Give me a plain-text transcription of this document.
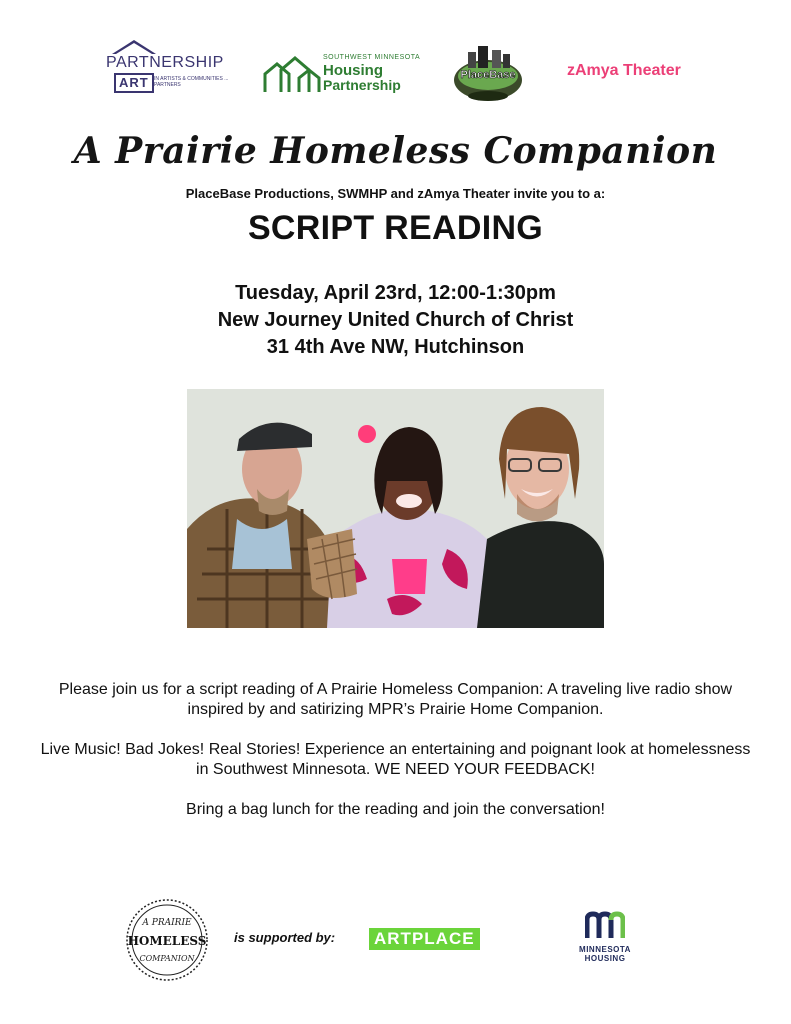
PARTNERSHIP
ART	IN ARTISTS & COMMUNITIES ... PARTNERS
SOUTHWEST MINNESOTA
Housing
Partnership
PlaceBase	zAmya Theater
A Prairie Homeless Companion
PlaceBase Productions, SWMHP and zAmya Theater invite you to a:
SCRIPT READING
Tuesday, April 23rd, 12:00-1:30pm
New Journey United Church of Christ
31 4th Ave NW, Hutchinson

Please join us for a script reading of A Prairie Homeless Companion: A traveling live radio show inspired by and satirizing MPR’s Prairie Home Companion.

Live Music! Bad Jokes! Real Stories! Experience an entertaining and poignant look at homelessness in Southwest Minnesota. WE NEED YOUR FEEDBACK!

Bring a bag lunch for the reading and join the conversation!

A PRAIRIE
HOMELESS
COMPANION
is supported by: ARTPLACE
MINNESOTA
HOUSING
